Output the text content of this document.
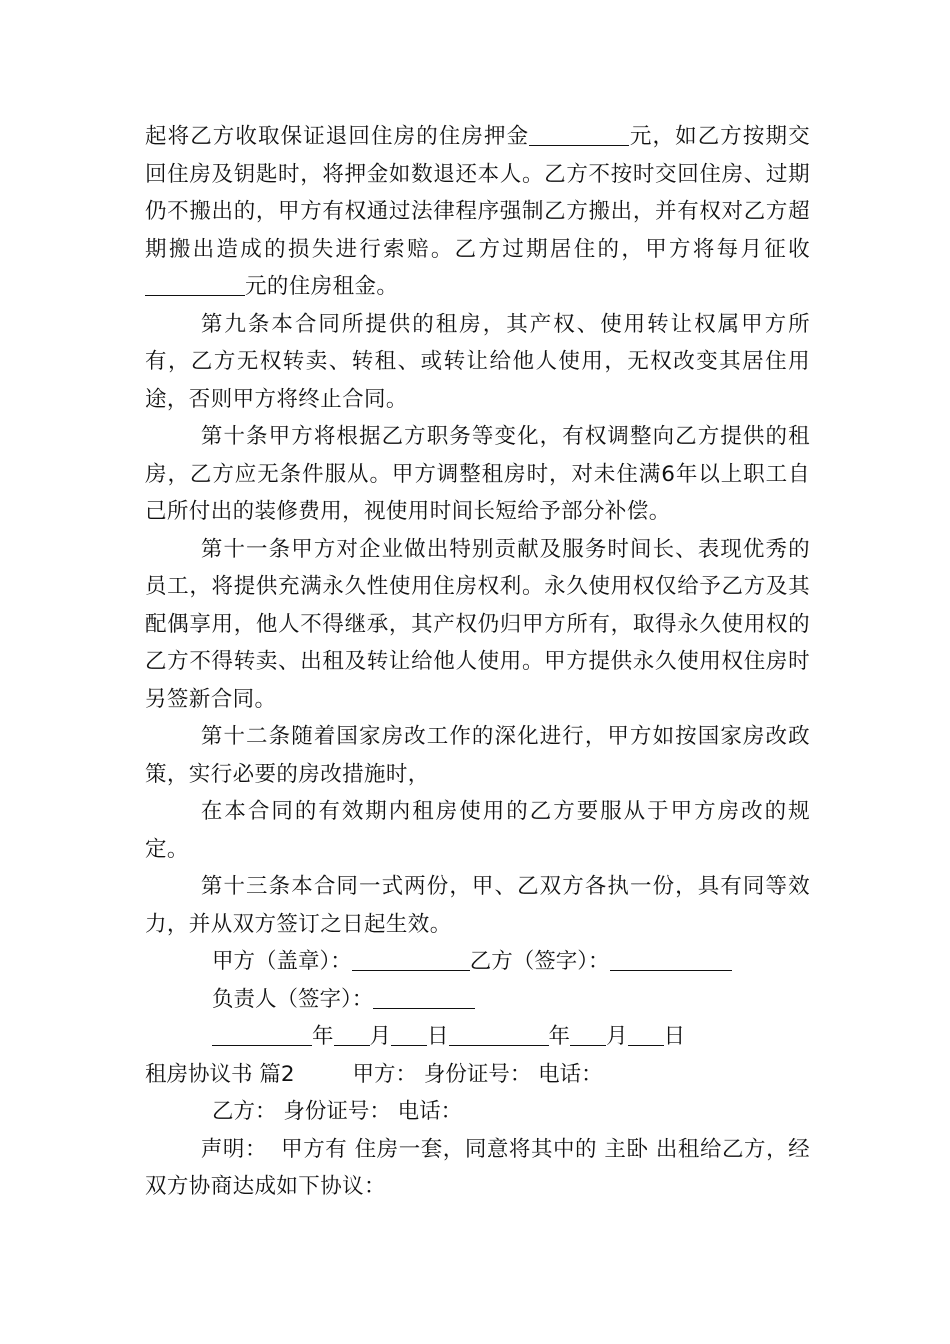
起将乙方收取保证退回住房的住房押金	元，如乙方按期交回住房及钥匙时，将押金如数退还本人。乙方不按时交回住房、过期仍不搬出的，甲方有权通过法律程序强制乙方搬出，并有权对乙方超期搬出造成的损失进行索赔。乙方过期居住的，甲方将每月征收元的住房租金。

第九条本合同所提供的租房，其产权、使用转让权属甲方所有，乙方无权转卖、转租、或转让给他人使用，无权改变其居住用途，否则甲方将终止合同。

第十条甲方将根据乙方职务等变化，有权调整向乙方提供的租房，乙方应无条件服从。甲方调整租房时，对未住满6年以上职工自己所付出的装修费用，视使用时间长短给予部分补偿。

第十一条甲方对企业做出特别贡献及服务时间长、表现优秀的员工，将提供充满永久性使用住房权利。永久使用权仅给予乙方及其配偶享用，他人不得继承，其产权仍归甲方所有，取得永久使用权的乙方不得转卖、出租及转让给他人使用。甲方提供永久使用权住房时另签新合同。

第十二条随着国家房改工作的深化进行，甲方如按国家房改政策，实行必要的房改措施时，

在本合同的有效期内租房使用的乙方要服从于甲方房改的规定。

第十三条本合同一式两份，甲、乙双方各执一份，具有同等效力，并从双方签订之日起生效。

甲方（盖章）：	乙方（签字）：

负责人（签字）：

年 月 日	年 月 日

租房协议书 篇2	甲方： 身份证号： 电话：

乙方： 身份证号： 电话：

声明： 甲方有 住房一套，同意将其中的 主卧 出租给乙方，经双方协商达成如下协议：
